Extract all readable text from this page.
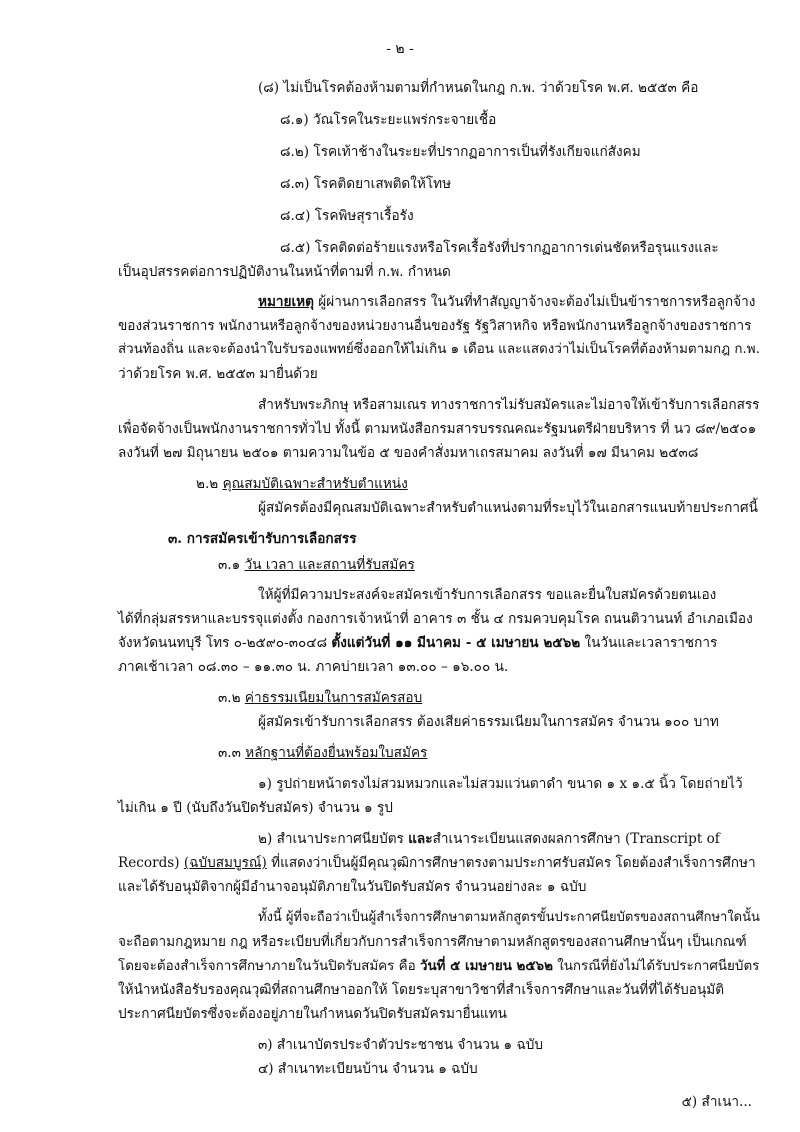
- ๒ -
(๘) ไม่เป็นโรคต้องห้ามตามที่กำหนดในกฎ ก.พ. ว่าด้วยโรค พ.ศ. ๒๕๕๓ คือ
๘.๑) วัณโรคในระยะแพร่กระจายเชื้อ
๘.๒) โรคเท้าช้างในระยะที่ปรากฏอาการเป็นที่รังเกียจแก่สังคม
๘.๓) โรคติดยาเสพติดให้โทษ
๘.๔) โรคพิษสุราเรื้อรัง
๘.๕) โรคติดต่อร้ายแรงหรือโรคเรื้อรังที่ปรากฏอาการเด่นชัดหรือรุนแรงและ
เป็นอุปสรรคต่อการปฏิบัติงานในหน้าที่ตามที่ ก.พ. กำหนด
หมายเหตุ ผู้ผ่านการเลือกสรร ในวันที่ทำสัญญาจ้างจะต้องไม่เป็นข้าราชการหรือลูกจ้าง
ของส่วนราชการ พนักงานหรือลูกจ้างของหน่วยงานอื่นของรัฐ รัฐวิสาหกิจ หรือพนักงานหรือลูกจ้างของราชการ
ส่วนท้องถิ่น และจะต้องนำใบรับรองแพทย์ซึ่งออกให้ไม่เกิน ๑ เดือน และแสดงว่าไม่เป็นโรคที่ต้องห้ามตามกฎ ก.พ.
ว่าด้วยโรค พ.ศ. ๒๕๕๓ มายื่นด้วย
สำหรับพระภิกษุ หรือสามเณร ทางราชการไม่รับสมัครและไม่อาจให้เข้ารับการเลือกสรร
เพื่อจัดจ้างเป็นพนักงานราชการทั่วไป ทั้งนี้ ตามหนังสือกรมสารบรรณคณะรัฐมนตรีฝ่ายบริหาร ที่ นว ๘๙/๒๕๐๑
ลงวันที่ ๒๗ มิถุนายน ๒๕๐๑ ตามความในข้อ ๕ ของคำสั่งมหาเถรสมาคม ลงวันที่ ๑๗ มีนาคม ๒๕๓๘
๒.๒ คุณสมบัติเฉพาะสำหรับตำแหน่ง
ผู้สมัครต้องมีคุณสมบัติเฉพาะสำหรับตำแหน่งตามที่ระบุไว้ในเอกสารแนบท้ายประกาศนี้
๓. การสมัครเข้ารับการเลือกสรร
๓.๑ วัน เวลา และสถานที่รับสมัคร
ให้ผู้ที่มีความประสงค์จะสมัครเข้ารับการเลือกสรร ขอและยื่นใบสมัครด้วยตนเอง
ได้ที่กลุ่มสรรหาและบรรจุแต่งตั้ง กองการเจ้าหน้าที่ อาคาร ๓ ชั้น ๔ กรมควบคุมโรค ถนนติวานนท์ อำเภอเมือง
จังหวัดนนทบุรี โทร ๐-๒๕๙๐-๓๐๔๘ ตั้งแต่วันที่ ๑๑ มีนาคม - ๕ เมษายน ๒๕๖๒ ในวันและเวลาราชการ
ภาคเช้าเวลา ๐๘.๓๐ – ๑๑.๓๐ น. ภาคบ่ายเวลา ๑๓.๐๐ – ๑๖.๐๐ น.
๓.๒ ค่าธรรมเนียมในการสมัครสอบ
ผู้สมัครเข้ารับการเลือกสรร ต้องเสียค่าธรรมเนียมในการสมัคร จำนวน ๑๐๐ บาท
๓.๓ หลักฐานที่ต้องยื่นพร้อมใบสมัคร
๑) รูปถ่ายหน้าตรงไม่สวมหมวกและไม่สวมแว่นตาดำ ขนาด ๑ x ๑.๕ นิ้ว โดยถ่ายไว้
ไม่เกิน ๑ ปี (นับถึงวันปิดรับสมัคร) จำนวน ๑ รูป
๒) สำเนาประกาศนียบัตร และสำเนาระเบียนแสดงผลการศึกษา (Transcript of
Records) (ฉบับสมบูรณ์) ที่แสดงว่าเป็นผู้มีคุณวุฒิการศึกษาตรงตามประกาศรับสมัคร โดยต้องสำเร็จการศึกษา
และได้รับอนุมัติจากผู้มีอำนาจอนุมัติภายในวันปิดรับสมัคร จำนวนอย่างละ ๑ ฉบับ
ทั้งนี้ ผู้ที่จะถือว่าเป็นผู้สำเร็จการศึกษาตามหลักสูตรขั้นประกาศนียบัตรของสถานศึกษาใดนั้น
จะถือตามกฎหมาย กฎ หรือระเบียบที่เกี่ยวกับการสำเร็จการศึกษาตามหลักสูตรของสถานศึกษานั้นๆ เป็นเกณฑ์
โดยจะต้องสำเร็จการศึกษาภายในวันปิดรับสมัคร คือ วันที่ ๕ เมษายน ๒๕๖๒ ในกรณีที่ยังไม่ได้รับประกาศนียบัตร
ให้นำหนังสือรับรองคุณวุฒิที่สถานศึกษาออกให้ โดยระบุสาขาวิชาที่สำเร็จการศึกษาและวันที่ที่ได้รับอนุมัติ
ประกาศนียบัตรซึ่งจะต้องอยู่ภายในกำหนดวันปิดรับสมัครมายื่นแทน
๓) สำเนาบัตรประจำตัวประชาชน จำนวน ๑ ฉบับ
๔) สำเนาทะเบียนบ้าน จำนวน ๑ ฉบับ
๕) สำเนา...
